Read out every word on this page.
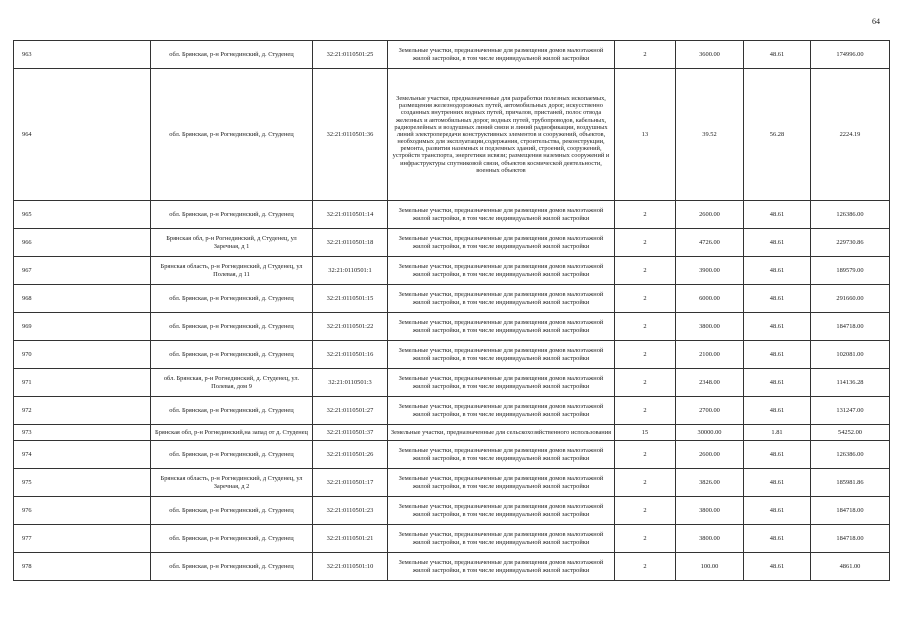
64
963	обл. Брянская, р-н Рогнединский, д. Студенец	32:21:0110501:25	Земельные участки, предназначенные для размещения домов малоэтажной жилой застройки, в том числе индивидуальной жилой застройки	2	3600.00	48.61	174996.00
964	обл. Брянская, р-н Рогнединский, д. Студенец	32:21:0110501:36	Земельные участки, предназначенные для разработки полезных ископаемых, размещения железнодорожных путей, автомобильных дорог, искусственно созданных внутренних водных путей, причалов, пристаней, полос отвода железных и автомобильных дорог, водных путей, трубопроводов, кабельных, радиорелейных и воздушных линий связи и линий радиофикации, воздушных линий электропередачи конструктивных элементов и сооружений, объектов, необходимых для эксплуатации,содержания, строительства, реконструкции, ремонта, развития наземных и подземных зданий, строений, сооружений, устройств транспорта, энергетики исвязи; размещения наземных сооружений и инфраструктуры спутниковой связи, объектов космической деятельности, военных объектов	13	39.52	56.28	2224.19
965	обл. Брянская, р-н Рогнединский, д. Студенец	32:21:0110501:14	Земельные участки, предназначенные для размещения домов малоэтажной жилой застройки, в том числе индивидуальной жилой застройки	2	2600.00	48.61	126386.00
966	Брянская обл, р-н Рогнединский, д Студенец, ул Заречная, д 1	32:21:0110501:18	Земельные участки, предназначенные для размещения домов малоэтажной жилой застройки, в том числе индивидуальной жилой застройки	2	4726.00	48.61	229730.86
967	Брянская область, р-н Рогнединский, д Студенец, ул Полевая, д 11	32:21:0110501:1	Земельные участки, предназначенные для размещения домов малоэтажной жилой застройки, в том числе индивидуальной жилой застройки	2	3900.00	48.61	189579.00
968	обл. Брянская, р-н Рогнединский, д. Студенец	32:21:0110501:15	Земельные участки, предназначенные для размещения домов малоэтажной жилой застройки, в том числе индивидуальной жилой застройки	2	6000.00	48.61	291660.00
969	обл. Брянская, р-н Рогнединский, д. Студенец	32:21:0110501:22	Земельные участки, предназначенные для размещения домов малоэтажной жилой застройки, в том числе индивидуальной жилой застройки	2	3800.00	48.61	184718.00
970	обл. Брянская, р-н Рогнединский, д. Студенец	32:21:0110501:16	Земельные участки, предназначенные для размещения домов малоэтажной жилой застройки, в том числе индивидуальной жилой застройки	2	2100.00	48.61	102081.00
971	обл. Брянская, р-н Рогнединский, д. Студенец, ул. Полевая, дом 9	32:21:0110501:3	Земельные участки, предназначенные для размещения домов малоэтажной жилой застройки, в том числе индивидуальной жилой застройки	2	2348.00	48.61	114136.28
972	обл. Брянская, р-н Рогнединский, д. Студенец	32:21:0110501:27	Земельные участки, предназначенные для размещения домов малоэтажной жилой застройки, в том числе индивидуальной жилой застройки	2	2700.00	48.61	131247.00
973	Брянская обл, р-н Рогнединский,на запад от д. Студенец	32:21:0110501:37	Земельные участки, предназначенные для сельскохозяйственного использования	15	30000.00	1.81	54252.00
974	обл. Брянская, р-н Рогнединский, д. Студенец	32:21:0110501:26	Земельные участки, предназначенные для размещения домов малоэтажной жилой застройки, в том числе индивидуальной жилой застройки	2	2600.00	48.61	126386.00
975	Брянская область, р-н Рогнединский, д Студенец, ул Заречная, д 2	32:21:0110501:17	Земельные участки, предназначенные для размещения домов малоэтажной жилой застройки, в том числе индивидуальной жилой застройки	2	3826.00	48.61	185981.86
976	обл. Брянская, р-н Рогнединский, д. Студенец	32:21:0110501:23	Земельные участки, предназначенные для размещения домов малоэтажной жилой застройки, в том числе индивидуальной жилой застройки	2	3800.00	48.61	184718.00
977	обл. Брянская, р-н Рогнединский, д. Студенец	32:21:0110501:21	Земельные участки, предназначенные для размещения домов малоэтажной жилой застройки, в том числе индивидуальной жилой застройки	2	3800.00	48.61	184718.00
978	обл. Брянская, р-н Рогнединский, д. Студенец	32:21:0110501:10	Земельные участки, предназначенные для размещения домов малоэтажной жилой застройки, в том числе индивидуальной жилой застройки	2	100.00	48.61	4861.00
